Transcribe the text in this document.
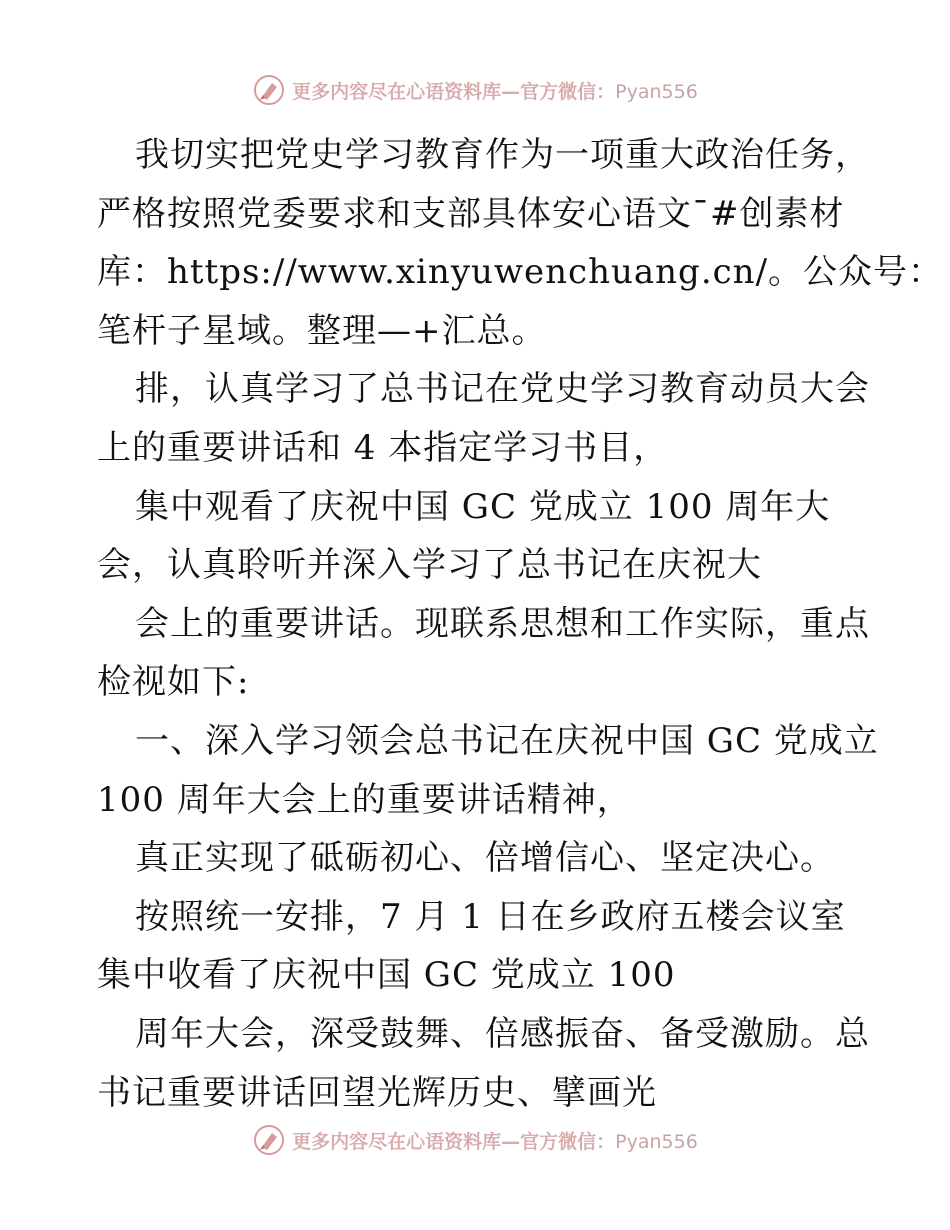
更多内容尽在心语资料库—官方微信：Pyan556
我切实把党史学习教育作为一项重大政治任务，
严格按照党委要求和支部具体安心语文¯#创素材
库：https://www.xinyuwenchuang.cn/。公众号：
笔杆子星域。整理—+汇总。
排，认真学习了总书记在党史学习教育动员大会
上的重要讲话和 4 本指定学习书目，
集中观看了庆祝中国 GC 党成立 100 周年大
会，认真聆听并深入学习了总书记在庆祝大
会上的重要讲话。现联系思想和工作实际，重点
检视如下:
一、深入学习领会总书记在庆祝中国 GC 党成立
100 周年大会上的重要讲话精神，
真正实现了砥砺初心、倍增信心、坚定决心。
按照统一安排，7 月 1 日在乡政府五楼会议室
集中收看了庆祝中国 GC 党成立 100
周年大会，深受鼓舞、倍感振奋、备受激励。总
书记重要讲话回望光辉历史、擘画光
更多内容尽在心语资料库—官方微信：Pyan556
